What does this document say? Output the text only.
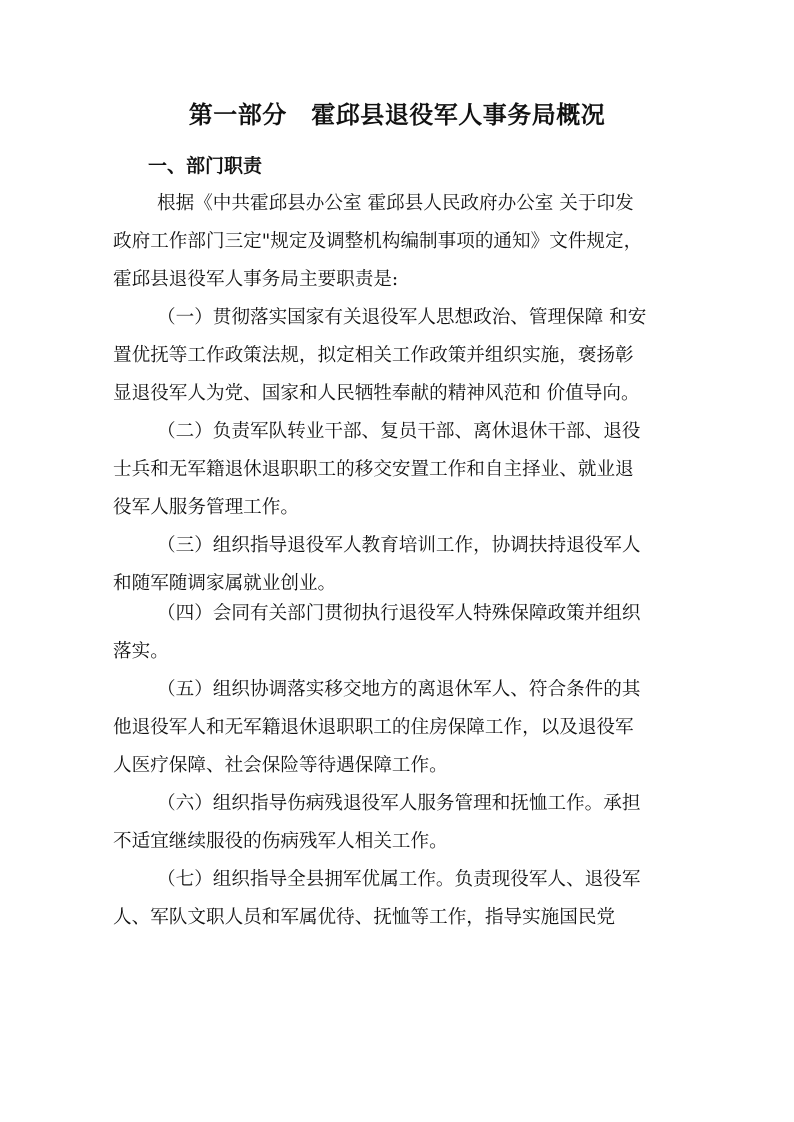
第一部分　霍邱县退役军人事务局概况
一、部门职责
根据《中共霍邱县办公室 霍邱县人民政府办公室 关于印发
政府工作部门三定"规定及调整机构编制事项的通知》文件规定，
霍邱县退役军人事务局主要职责是:
（一）贯彻落实国家有关退役军人思想政治、管理保障 和安
置优抚等工作政策法规，拟定相关工作政策并组织实施，褒扬彰
显退役军人为党、国家和人民牺牲奉献的精神风范和 价值导向。
（二）负责军队转业干部、复员干部、离休退休干部、退役
士兵和无军籍退休退职职工的移交安置工作和自主择业、就业退
役军人服务管理工作。
（三）组织指导退役军人教育培训工作，协调扶持退役军人
和随军随调家属就业创业。
（四）会同有关部门贯彻执行退役军人特殊保障政策并组织
落实。
（五）组织协调落实移交地方的离退休军人、符合条件的其
他退役军人和无军籍退休退职职工的住房保障工作，以及退役军
人医疗保障、社会保险等待遇保障工作。
（六）组织指导伤病残退役军人服务管理和抚恤工作。承担
不适宜继续服役的伤病残军人相关工作。
（七）组织指导全县拥军优属工作。负责现役军人、退役军
人、军队文职人员和军属优待、抚恤等工作，指导实施国民党
